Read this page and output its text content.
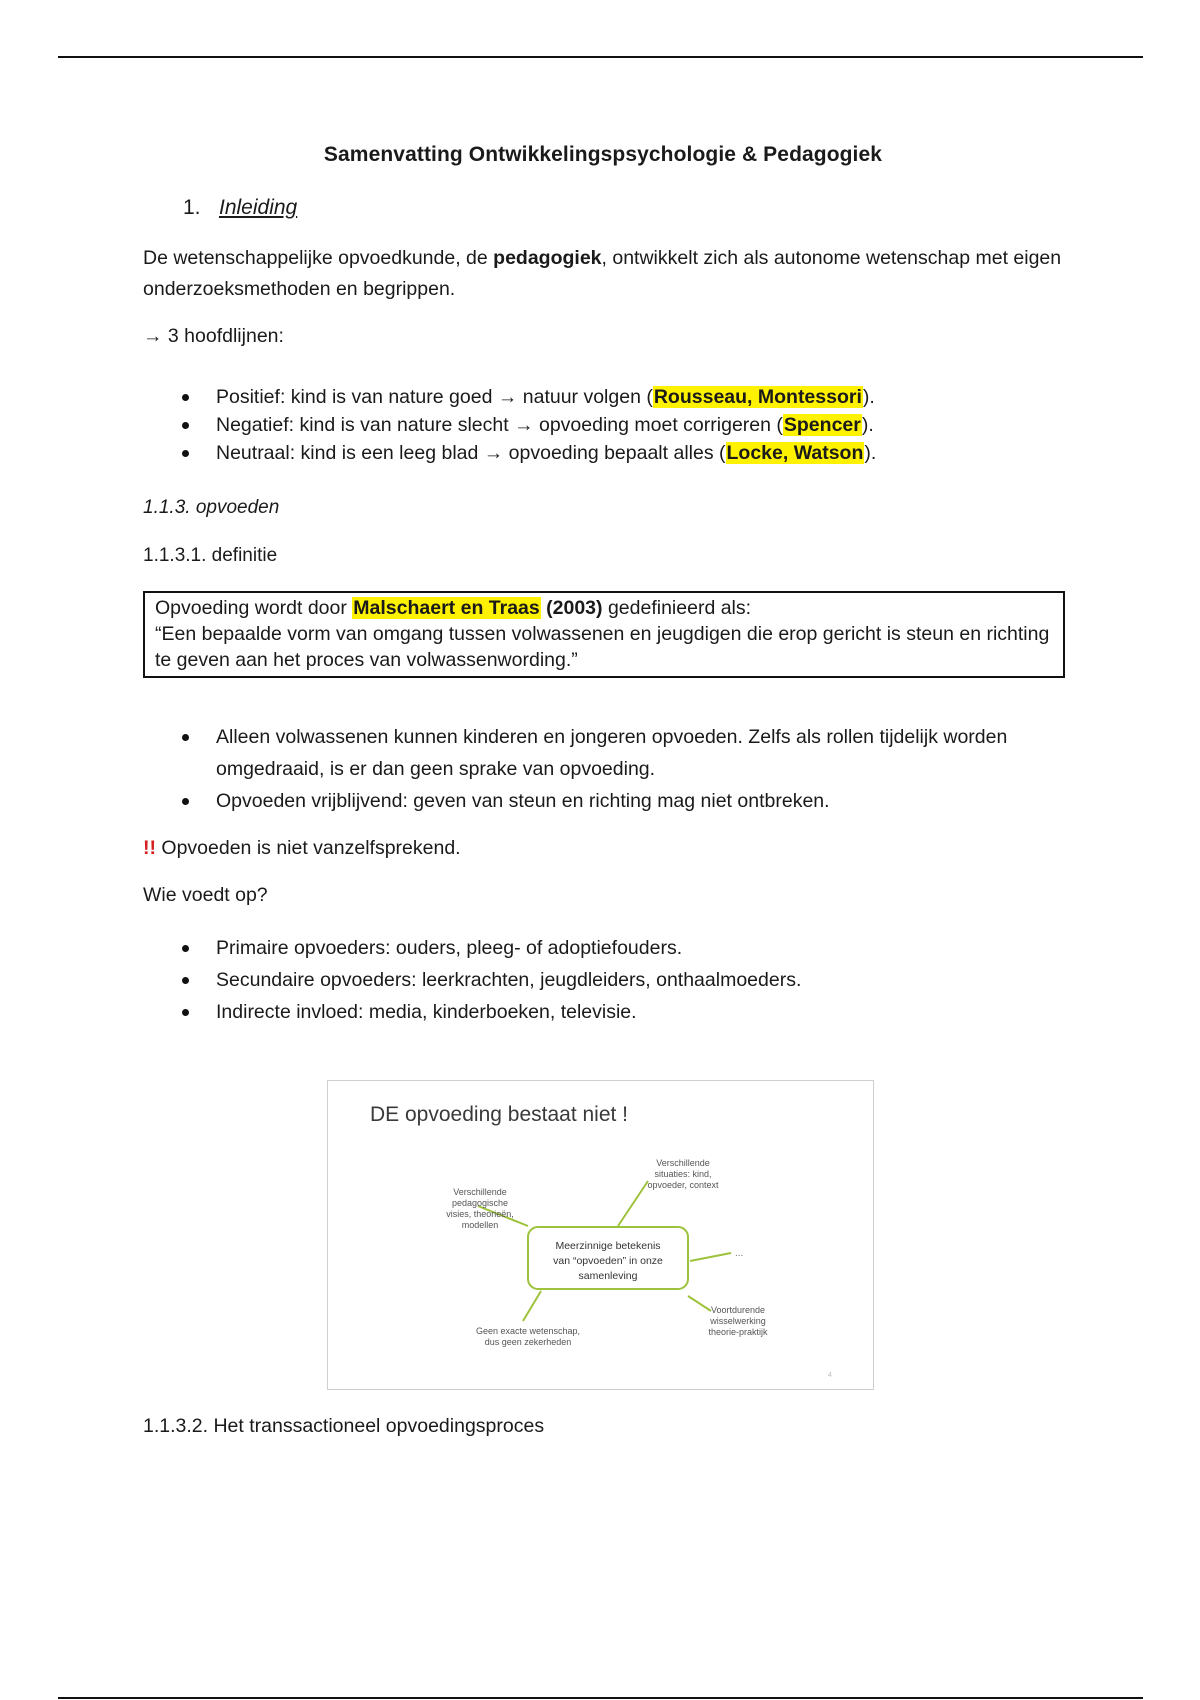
Samenvatting Ontwikkelingspsychologie & Pedagogiek
1. Inleiding
De wetenschappelijke opvoedkunde, de pedagogiek, ontwikkelt zich als autonome wetenschap met eigen onderzoeksmethoden en begrippen.
→ 3 hoofdlijnen:
Positief: kind is van nature goed → natuur volgen (Rousseau, Montessori).
Negatief: kind is van nature slecht → opvoeding moet corrigeren (Spencer).
Neutraal: kind is een leeg blad → opvoeding bepaalt alles (Locke, Watson).
1.1.3. opvoeden
1.1.3.1. definitie
Opvoeding wordt door Malschaert en Traas (2003) gedefinieerd als:
“Een bepaalde vorm van omgang tussen volwassenen en jeugdigen die erop gericht is steun en richting te geven aan het proces van volwassenwording.”
Alleen volwassenen kunnen kinderen en jongeren opvoeden. Zelfs als rollen tijdelijk worden omgedraaid, is er dan geen sprake van opvoeding.
Opvoeden vrijblijvend: geven van steun en richting mag niet ontbreken.
!! Opvoeden is niet vanzelfsprekend.
Wie voedt op?
Primaire opvoeders: ouders, pleeg- of adoptiefouders.
Secundaire opvoeders: leerkrachten, jeugdleiders, onthaalmoeders.
Indirecte invloed: media, kinderboeken, televisie.
1.1.3.2. Het transsactioneel opvoedingsproces
DE opvoeding bestaat niet !
Meerzinnige betekenis
van “opvoeden” in onze
samenleving
Verschillende
pedagogische
visies, theorieën,
modellen
Verschillende
situaties: kind,
opvoeder, context
...
Voortdurende
wisselwerking
theorie-praktijk
Geen exacte wetenschap,
dus geen zekerheden
4
